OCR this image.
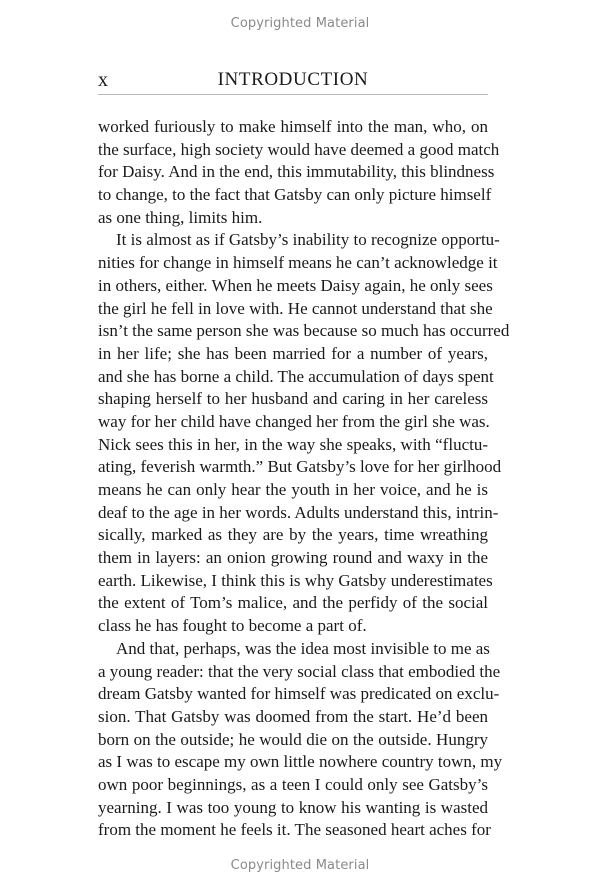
Copyrighted Material
x	INTRODUCTION
worked furiously to make himself into the man, who, on
the surface, high society would have deemed a good match
for Daisy. And in the end, this immutability, this blindness
to change, to the fact that Gatsby can only picture himself
as one thing, limits him.
It is almost as if Gatsby’s inability to recognize opportu-
nities for change in himself means he can’t acknowledge it
in others, either. When he meets Daisy again, he only sees
the girl he fell in love with. He cannot understand that she
isn’t the same person she was because so much has occurred
in her life; she has been married for a number of years,
and she has borne a child. The accumulation of days spent
shaping herself to her husband and caring in her careless
way for her child have changed her from the girl she was.
Nick sees this in her, in the way she speaks, with “fluctu-
ating, feverish warmth.” But Gatsby’s love for her girlhood
means he can only hear the youth in her voice, and he is
deaf to the age in her words. Adults understand this, intrin-
sically, marked as they are by the years, time wreathing
them in layers: an onion growing round and waxy in the
earth. Likewise, I think this is why Gatsby underestimates
the extent of Tom’s malice, and the perfidy of the social
class he has fought to become a part of.
And that, perhaps, was the idea most invisible to me as
a young reader: that the very social class that embodied the
dream Gatsby wanted for himself was predicated on exclu-
sion. That Gatsby was doomed from the start. He’d been
born on the outside; he would die on the outside. Hungry
as I was to escape my own little nowhere country town, my
own poor beginnings, as a teen I could only see Gatsby’s
yearning. I was too young to know his wanting is wasted
from the moment he feels it. The seasoned heart aches for
Copyrighted Material
